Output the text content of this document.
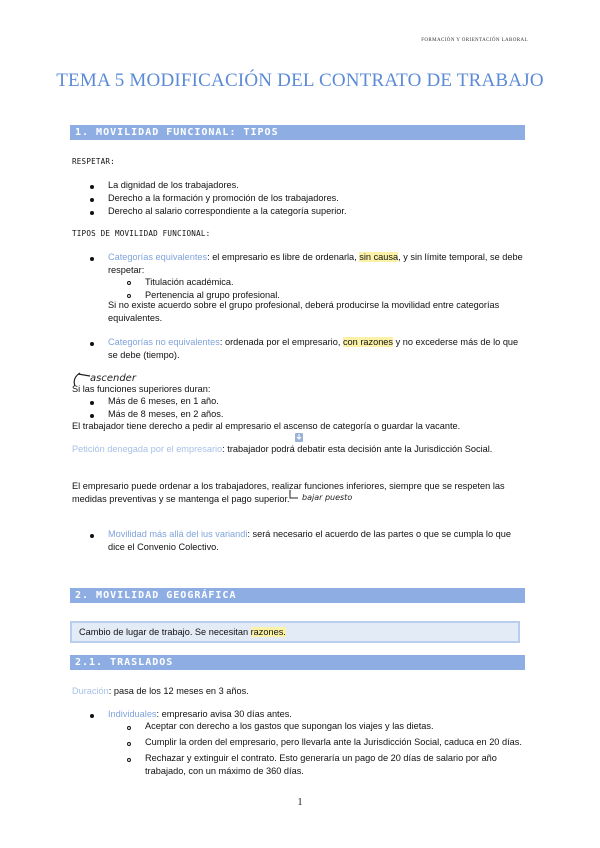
FORMACIÓN Y ORIENTACIÓN LABORAL
TEMA 5 MODIFICACIÓN DEL CONTRATO DE TRABAJO
1. MOVILIDAD FUNCIONAL: TIPOS
RESPETAR:
La dignidad de los trabajadores.
Derecho a la formación y promoción de los trabajadores.
Derecho al salario correspondiente a la categoría superior.
TIPOS DE MOVILIDAD FUNCIONAL:
Categorías equivalentes: el empresario es libre de ordenarla, sin causa, y sin límite temporal, se debe
respetar:
Titulación académica.
Pertenencia al grupo profesional.
Si no existe acuerdo sobre el grupo profesional, deberá producirse la movilidad entre categorías
equivalentes.
Categorías no equivalentes: ordenada por el empresario, con razones y no excederse más de lo que
se debe (tiempo).
ascender
Si las funciones superiores duran:
Más de 6 meses, en 1 año.
Más de 8 meses, en 2 años.
El trabajador tiene derecho a pedir al empresario el ascenso de categoría o guardar la vacante.
Petición denegada por el empresario: trabajador podrá debatir esta decisión ante la Jurisdicción Social.
El empresario puede ordenar a los trabajadores, realizar funciones inferiores, siempre que se respeten las
medidas preventivas y se mantenga el pago superior. bajar puesto
Movilidad más allá del ius variandi: será necesario el acuerdo de las partes o que se cumpla lo que
dice el Convenio Colectivo.
2. MOVILIDAD GEOGRÁFICA
Cambio de lugar de trabajo. Se necesitan razones.
2.1. TRASLADOS
Duración: pasa de los 12 meses en 3 años.
Individuales: empresario avisa 30 días antes.
Aceptar con derecho a los gastos que supongan los viajes y las dietas.
Cumplir la orden del empresario, pero llevarla ante la Jurisdicción Social, caduca en 20 días.
Rechazar y extinguir el contrato. Esto generaría un pago de 20 días de salario por año
trabajado, con un máximo de 360 días.
1
